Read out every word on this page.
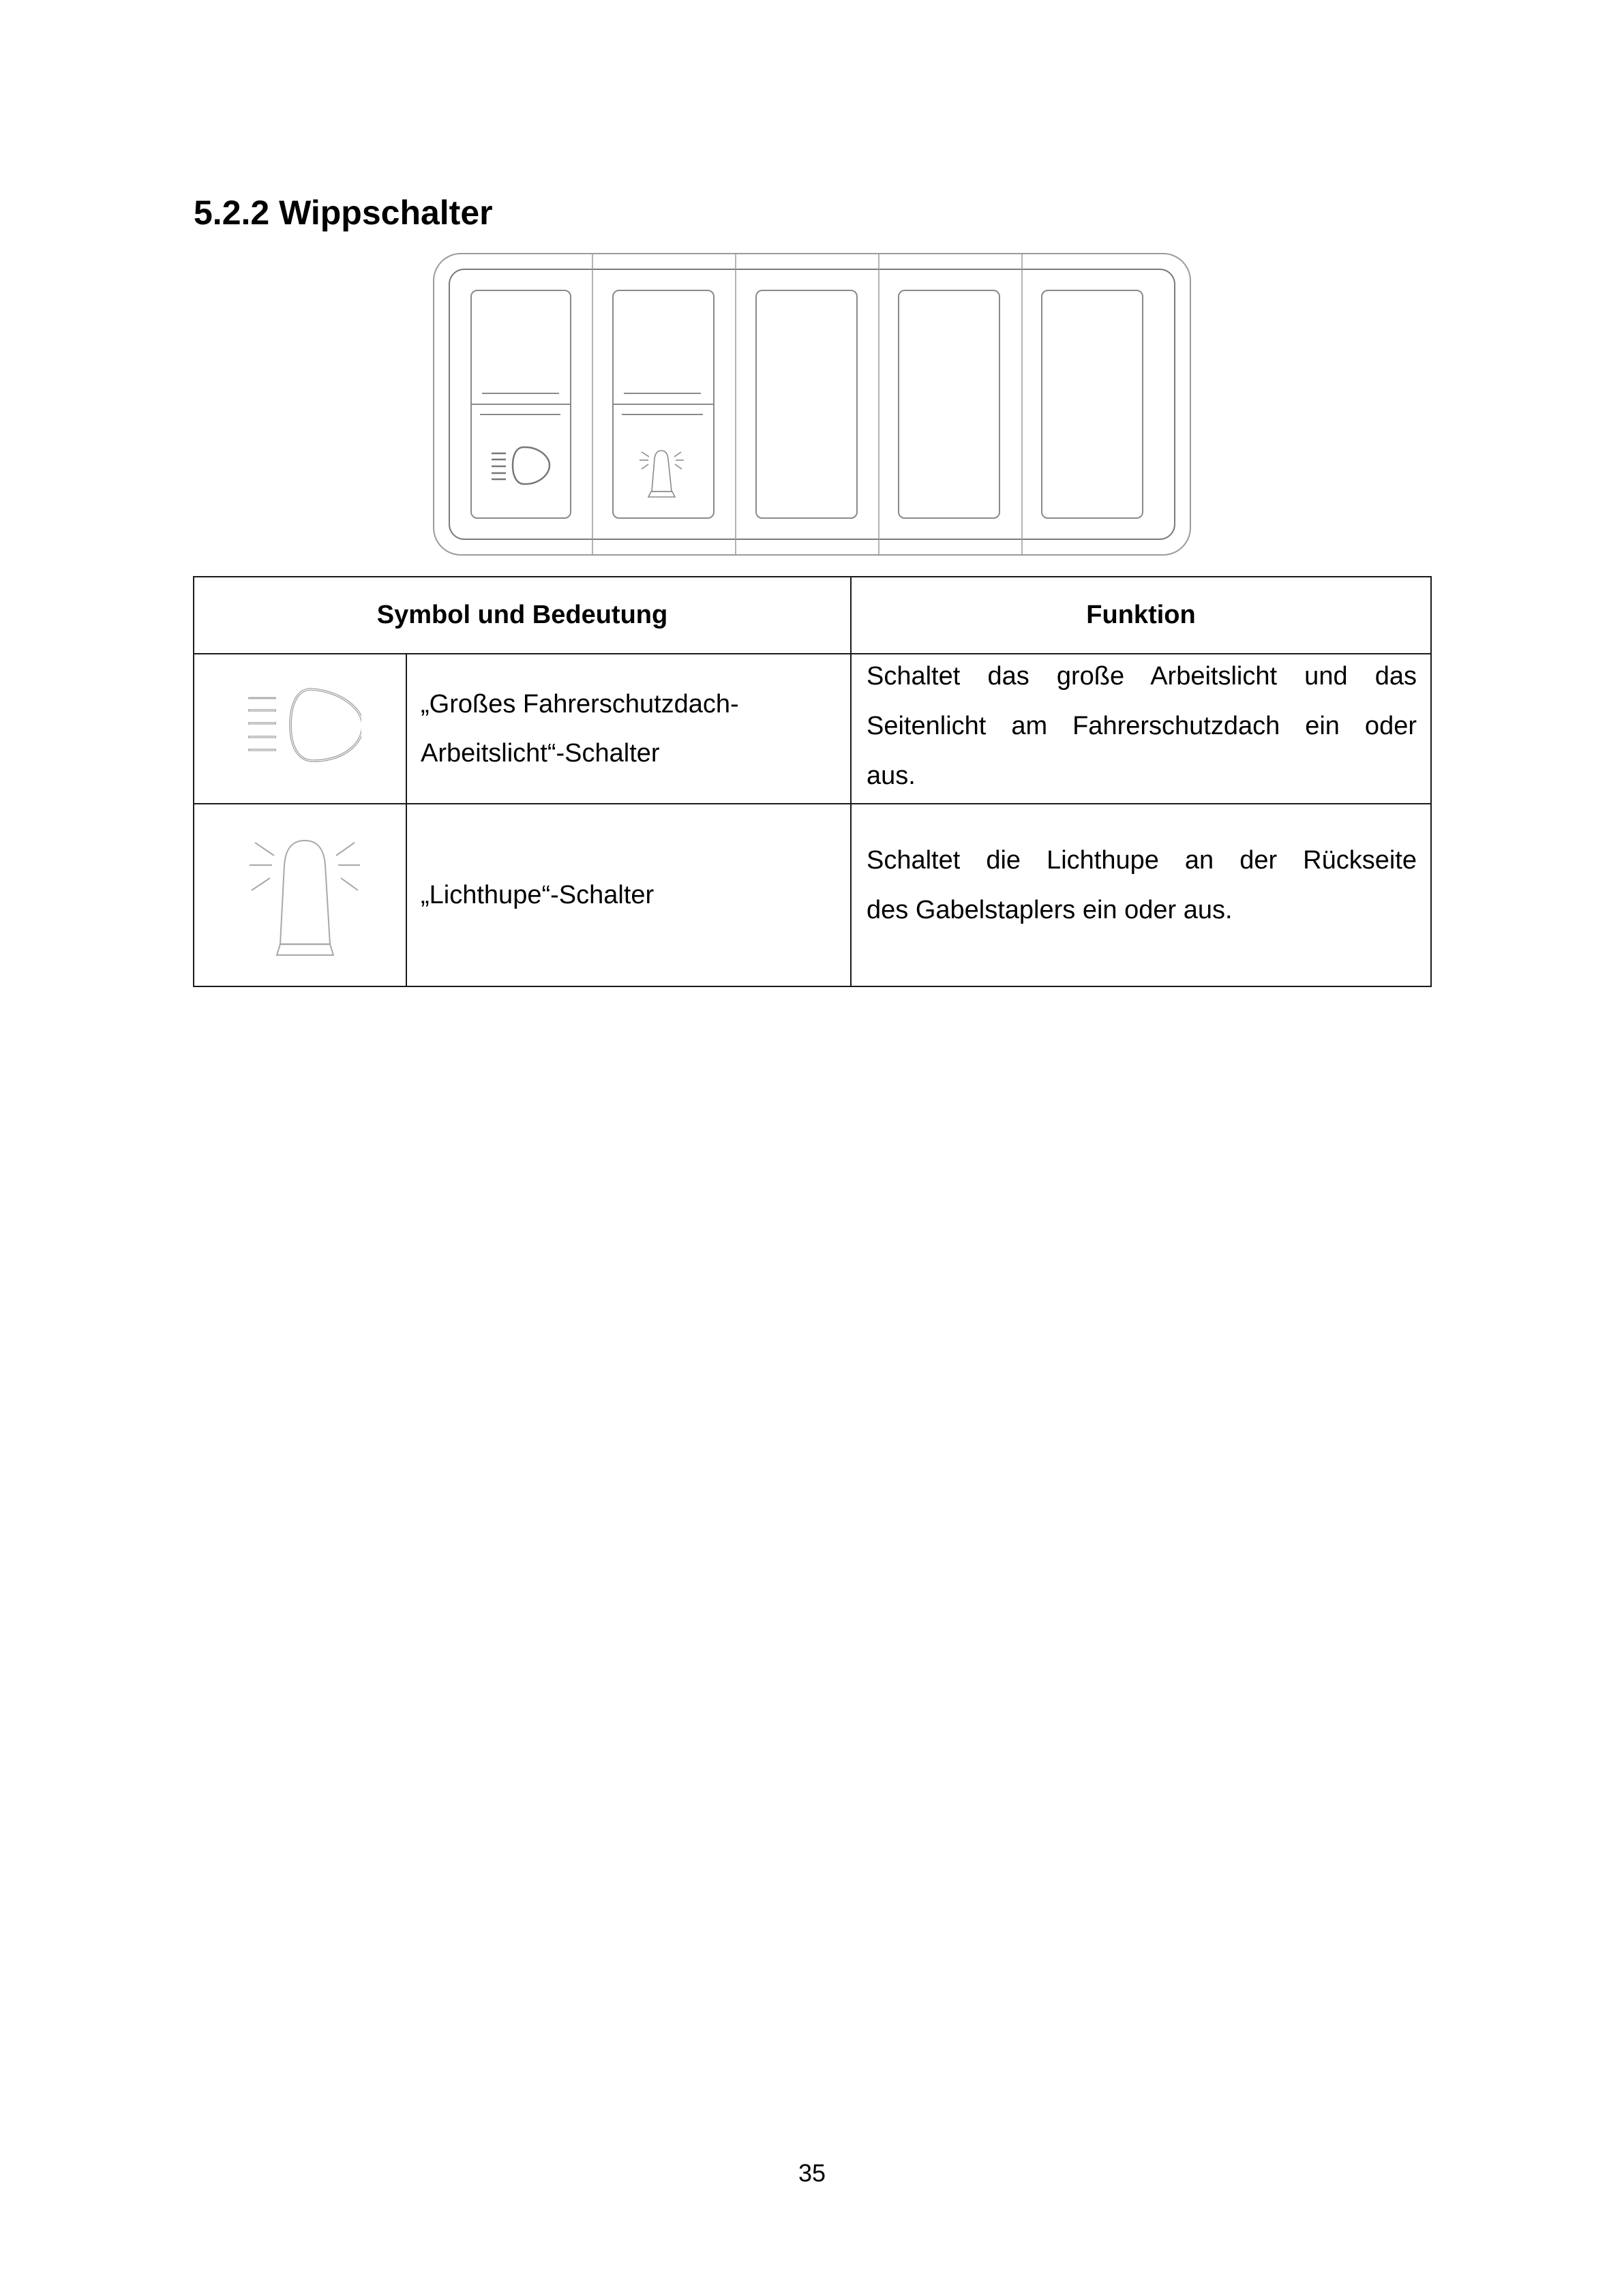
5.2.2 Wippschalter
Symbol und Bedeutung		Funktion

„Großes Fahrerschutzdach-
Arbeitslicht“-Schalter	Schaltet das große Arbeitslicht und das
Seitenlicht am Fahrerschutzdach ein oder
aus.

„Lichthupe“-Schalter	Schaltet die Lichthupe an der Rückseite
des Gabelstaplers ein oder aus.
35
